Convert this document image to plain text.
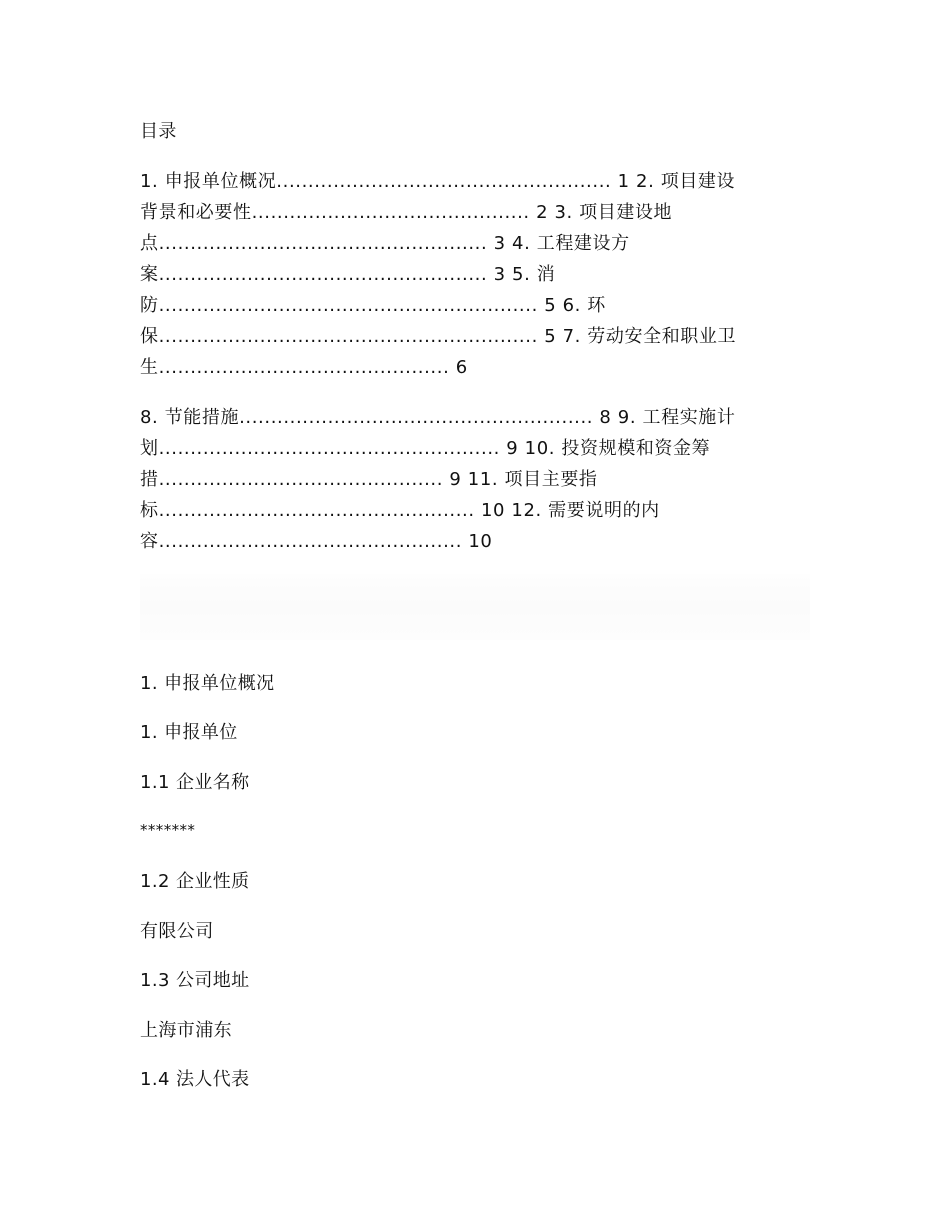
目录
1. 申报单位概况..................................................... 1 2. 项目建设
背景和必要性............................................ 2 3. 项目建设地
点.................................................... 3 4. 工程建设方
案.................................................... 3 5. 消
防............................................................ 5 6. 环
保............................................................ 5 7. 劳动安全和职业卫
生.............................................. 6
8. 节能措施........................................................ 8 9. 工程实施计
划...................................................... 9 10. 投资规模和资金筹
措............................................. 9 11. 项目主要指
标.................................................. 10 12. 需要说明的内
容................................................ 10
1. 申报单位概况
1. 申报单位
1.1 企业名称
*******
1.2 企业性质
有限公司
1.3 公司地址
上海市浦东
1.4 法人代表
